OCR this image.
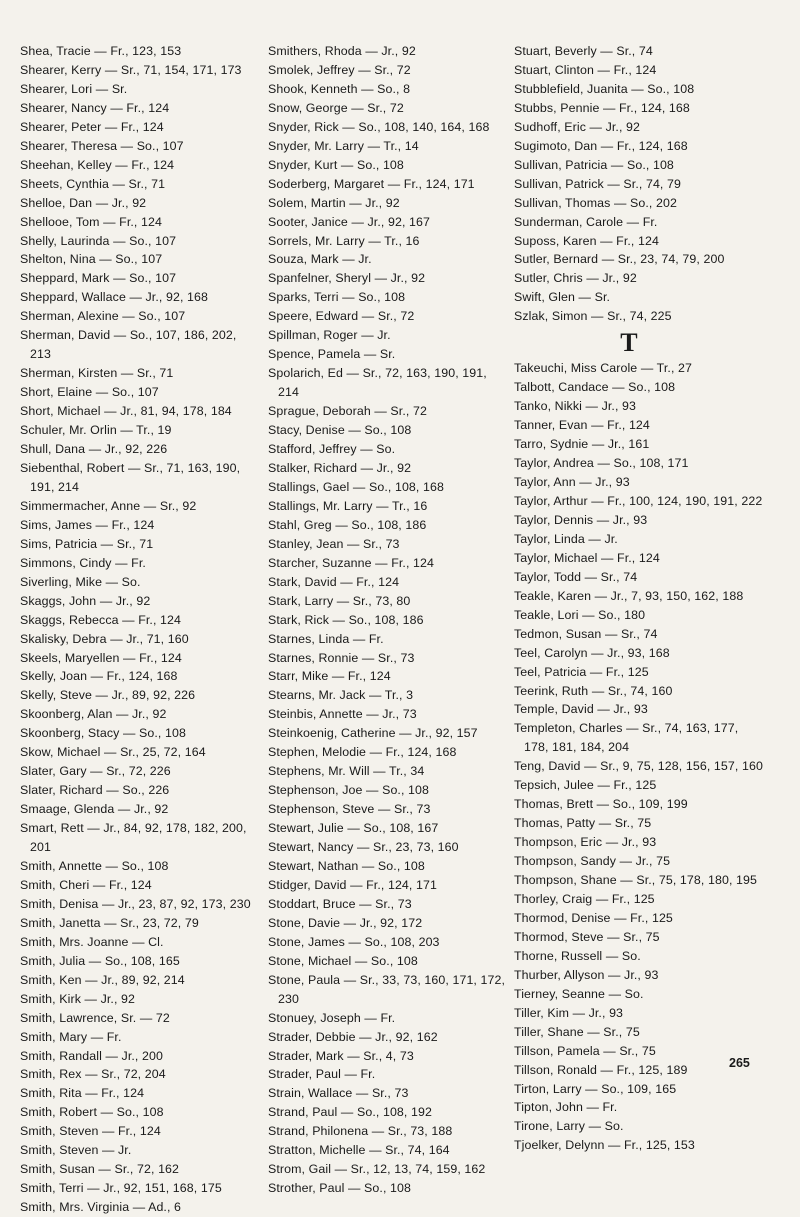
Shea, Tracie — Fr., 123, 153
Shearer, Kerry — Sr., 71, 154, 171, 173
Shearer, Lori — Sr.
Shearer, Nancy — Fr., 124
Shearer, Peter — Fr., 124
Shearer, Theresa — So., 107
Sheehan, Kelley — Fr., 124
Sheets, Cynthia — Sr., 71
Shelloe, Dan — Jr., 92
Shellooe, Tom — Fr., 124
Shelly, Laurinda — So., 107
Shelton, Nina — So., 107
Sheppard, Mark — So., 107
Sheppard, Wallace — Jr., 92, 168
Sherman, Alexine — So., 107
Sherman, David — So., 107, 186, 202, 213
Sherman, Kirsten — Sr., 71
Short, Elaine — So., 107
Short, Michael — Jr., 81, 94, 178, 184
Schuler, Mr. Orlin — Tr., 19
Shull, Dana — Jr., 92, 226
Siebenthal, Robert — Sr., 71, 163, 190, 191, 214
Simmermacher, Anne — Sr., 92
Sims, James — Fr., 124
Sims, Patricia — Sr., 71
Simmons, Cindy — Fr.
Siverling, Mike — So.
Skaggs, John — Jr., 92
Skaggs, Rebecca — Fr., 124
Skalisky, Debra — Jr., 71, 160
Skeels, Maryellen — Fr., 124
Skelly, Joan — Fr., 124, 168
Skelly, Steve — Jr., 89, 92, 226
Skoonberg, Alan — Jr., 92
Skoonberg, Stacy — So., 108
Skow, Michael — Sr., 25, 72, 164
Slater, Gary — Sr., 72, 226
Slater, Richard — So., 226
Smaage, Glenda — Jr., 92
Smart, Rett — Jr., 84, 92, 178, 182, 200, 201
Smith, Annette — So., 108
Smith, Cheri — Fr., 124
Smith, Denisa — Jr., 23, 87, 92, 173, 230
Smith, Janetta — Sr., 23, 72, 79
Smith, Mrs. Joanne — Cl.
Smith, Julia — So., 108, 165
Smith, Ken — Jr., 89, 92, 214
Smith, Kirk — Jr., 92
Smith, Lawrence, Sr. — 72
Smith, Mary — Fr.
Smith, Randall — Jr., 200
Smith, Rex — Sr., 72, 204
Smith, Rita — Fr., 124
Smith, Robert — So., 108
Smith, Steven — Fr., 124
Smith, Steven — Jr.
Smith, Susan — Sr., 72, 162
Smith, Terri — Jr., 92, 151, 168, 175
Smith, Mrs. Virginia — Ad., 6
Smithers, Rhoda — Jr., 92
Smolek, Jeffrey — Sr., 72
Shook, Kenneth — So., 8
Snow, George — Sr., 72
Snyder, Rick — So., 108, 140, 164, 168
Snyder, Mr. Larry — Tr., 14
Snyder, Kurt — So., 108
Soderberg, Margaret — Fr., 124, 171
Solem, Martin — Jr., 92
Sooter, Janice — Jr., 92, 167
Sorrels, Mr. Larry — Tr., 16
Souza, Mark — Jr.
Spanfelner, Sheryl — Jr., 92
Sparks, Terri — So., 108
Speere, Edward — Sr., 72
Spillman, Roger — Jr.
Spence, Pamela — Sr.
Spolarich, Ed — Sr., 72, 163, 190, 191, 214
Sprague, Deborah — Sr., 72
Stacy, Denise — So., 108
Stafford, Jeffrey — So.
Stalker, Richard — Jr., 92
Stallings, Gael — So., 108, 168
Stallings, Mr. Larry — Tr., 16
Stahl, Greg — So., 108, 186
Stanley, Jean — Sr., 73
Starcher, Suzanne — Fr., 124
Stark, David — Fr., 124
Stark, Larry — Sr., 73, 80
Stark, Rick — So., 108, 186
Starnes, Linda — Fr.
Starnes, Ronnie — Sr., 73
Starr, Mike — Fr., 124
Stearns, Mr. Jack — Tr., 3
Steinbis, Annette — Jr., 73
Steinkoenig, Catherine — Jr., 92, 157
Stephen, Melodie — Fr., 124, 168
Stephens, Mr. Will — Tr., 34
Stephenson, Joe — So., 108
Stephenson, Steve — Sr., 73
Stewart, Julie — So., 108, 167
Stewart, Nancy — Sr., 23, 73, 160
Stewart, Nathan — So., 108
Stidger, David — Fr., 124, 171
Stoddart, Bruce — Sr., 73
Stone, Davie — Jr., 92, 172
Stone, James — So., 108, 203
Stone, Michael — So., 108
Stone, Paula — Sr., 33, 73, 160, 171, 172, 230
Stonuey, Joseph — Fr.
Strader, Debbie — Jr., 92, 162
Strader, Mark — Sr., 4, 73
Strader, Paul — Fr.
Strain, Wallace — Sr., 73
Strand, Paul — So., 108, 192
Strand, Philonena — Sr., 73, 188
Stratton, Michelle — Sr., 74, 164
Strom, Gail — Sr., 12, 13, 74, 159, 162
Strother, Paul — So., 108
Stuart, Beverly — Sr., 74
Stuart, Clinton — Fr., 124
Stubblefield, Juanita — So., 108
Stubbs, Pennie — Fr., 124, 168
Sudhoff, Eric — Jr., 92
Sugimoto, Dan — Fr., 124, 168
Sullivan, Patricia — So., 108
Sullivan, Patrick — Sr., 74, 79
Sullivan, Thomas — So., 202
Sunderman, Carole — Fr.
Suposs, Karen — Fr., 124
Sutler, Bernard — Sr., 23, 74, 79, 200
Sutler, Chris — Jr., 92
Swift, Glen — Sr.
Szlak, Simon — Sr., 74, 225
T
Takeuchi, Miss Carole — Tr., 27
Talbott, Candace — So., 108
Tanko, Nikki — Jr., 93
Tanner, Evan — Fr., 124
Tarro, Sydnie — Jr., 161
Taylor, Andrea — So., 108, 171
Taylor, Ann — Jr., 93
Taylor, Arthur — Fr., 100, 124, 190, 191, 222
Taylor, Dennis — Jr., 93
Taylor, Linda — Jr.
Taylor, Michael — Fr., 124
Taylor, Todd — Sr., 74
Teakle, Karen — Jr., 7, 93, 150, 162, 188
Teakle, Lori — So., 180
Tedmon, Susan — Sr., 74
Teel, Carolyn — Jr., 93, 168
Teel, Patricia — Fr., 125
Teerink, Ruth — Sr., 74, 160
Temple, David — Jr., 93
Templeton, Charles — Sr., 74, 163, 177, 178, 181, 184, 204
Teng, David — Sr., 9, 75, 128, 156, 157, 160
Tepsich, Julee — Fr., 125
Thomas, Brett — So., 109, 199
Thomas, Patty — Sr., 75
Thompson, Eric — Jr., 93
Thompson, Sandy — Jr., 75
Thompson, Shane — Sr., 75, 178, 180, 195
Thorley, Craig — Fr., 125
Thormod, Denise — Fr., 125
Thormod, Steve — Sr., 75
Thorne, Russell — So.
Thurber, Allyson — Jr., 93
Tierney, Seanne — So.
Tiller, Kim — Jr., 93
Tiller, Shane — Sr., 75
Tillson, Pamela — Sr., 75
Tillson, Ronald — Fr., 125, 189
Tirton, Larry — So., 109, 165
Tipton, John — Fr.
Tirone, Larry — So.
Tjoelker, Delynn — Fr., 125, 153
265
